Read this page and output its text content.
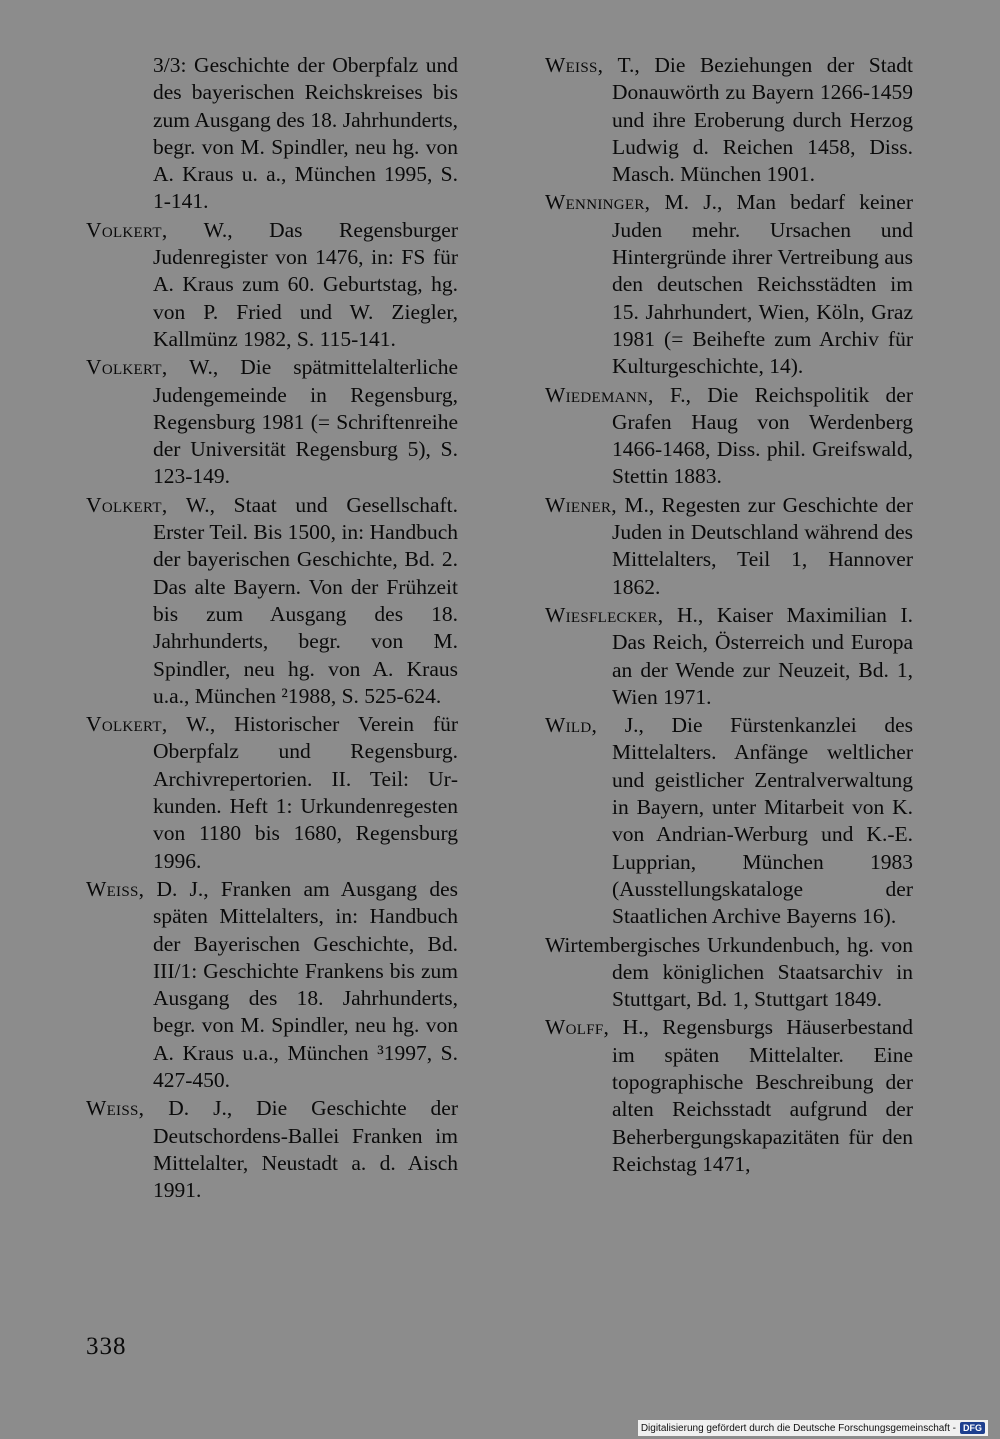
3/3: Geschichte der Oberpfalz und des bayerischen Reichskreises bis zum Ausgang des 18. Jahrhunderts, begr. von M. Spindler, neu hg. von A. Kraus u. a., München 1995, S. 1-141.
Volkert, W., Das Regensburger Judenregister von 1476, in: FS für A. Kraus zum 60. Geburtstag, hg. von P. Fried und W. Ziegler, Kallmünz 1982, S. 115-141.
Volkert, W., Die spätmittelalterliche Judengemeinde in Regensburg, Regensburg 1981 (= Schriftenreihe der Universität Regensburg 5), S. 123-149.
Volkert, W., Staat und Gesellschaft. Erster Teil. Bis 1500, in: Handbuch der bayerischen Geschichte, Bd. 2. Das alte Bayern. Von der Frühzeit bis zum Ausgang des 18. Jahrhunderts, begr. von M. Spindler, neu hg. von A. Kraus u.a., München ²1988, S. 525-624.
Volkert, W., Historischer Verein für Oberpfalz und Regensburg. Archivrepertorien. II. Teil: Urkunden. Heft 1: Urkundenregesten von 1180 bis 1680, Regensburg 1996.
Weiss, D. J., Franken am Ausgang des späten Mittelalters, in: Handbuch der Bayerischen Geschichte, Bd. III/1: Geschichte Frankens bis zum Ausgang des 18. Jahrhunderts, begr. von M. Spindler, neu hg. von A. Kraus u.a., München ³1997, S. 427-450.
Weiss, D. J., Die Geschichte der Deutschordens-Ballei Franken im Mittelalter, Neustadt a. d. Aisch 1991.
Weiss, T., Die Beziehungen der Stadt Donauwörth zu Bayern 1266-1459 und ihre Eroberung durch Herzog Ludwig d. Reichen 1458, Diss. Masch. München 1901.
Wenninger, M. J., Man bedarf keiner Juden mehr. Ursachen und Hintergründe ihrer Vertreibung aus den deutschen Reichsstädten im 15. Jahrhundert, Wien, Köln, Graz 1981 (= Beihefte zum Archiv für Kulturgeschichte, 14).
Wiedemann, F., Die Reichspolitik der Grafen Haug von Werdenberg 1466-1468, Diss. phil. Greifswald, Stettin 1883.
Wiener, M., Regesten zur Geschichte der Juden in Deutschland während des Mittelalters, Teil 1, Hannover 1862.
Wiesflecker, H., Kaiser Maximilian I. Das Reich, Österreich und Europa an der Wende zur Neuzeit, Bd. 1, Wien 1971.
Wild, J., Die Fürstenkanzlei des Mittelalters. Anfänge weltlicher und geistlicher Zentralverwaltung in Bayern, unter Mitarbeit von K. von Andrian-Werburg und K.-E. Lupprian, München 1983 (Ausstellungskataloge der Staatlichen Archive Bayerns 16).
Wirtembergisches Urkundenbuch, hg. von dem königlichen Staatsarchiv in Stuttgart, Bd. 1, Stuttgart 1849.
Wolff, H., Regensburgs Häuserbestand im späten Mittelalter. Eine topographische Beschreibung der alten Reichsstadt aufgrund der Beherbergungskapazitäten für den Reichstag 1471,
338
Digitalisierung gefördert durch die Deutsche Forschungsgemeinschaft - DFG
